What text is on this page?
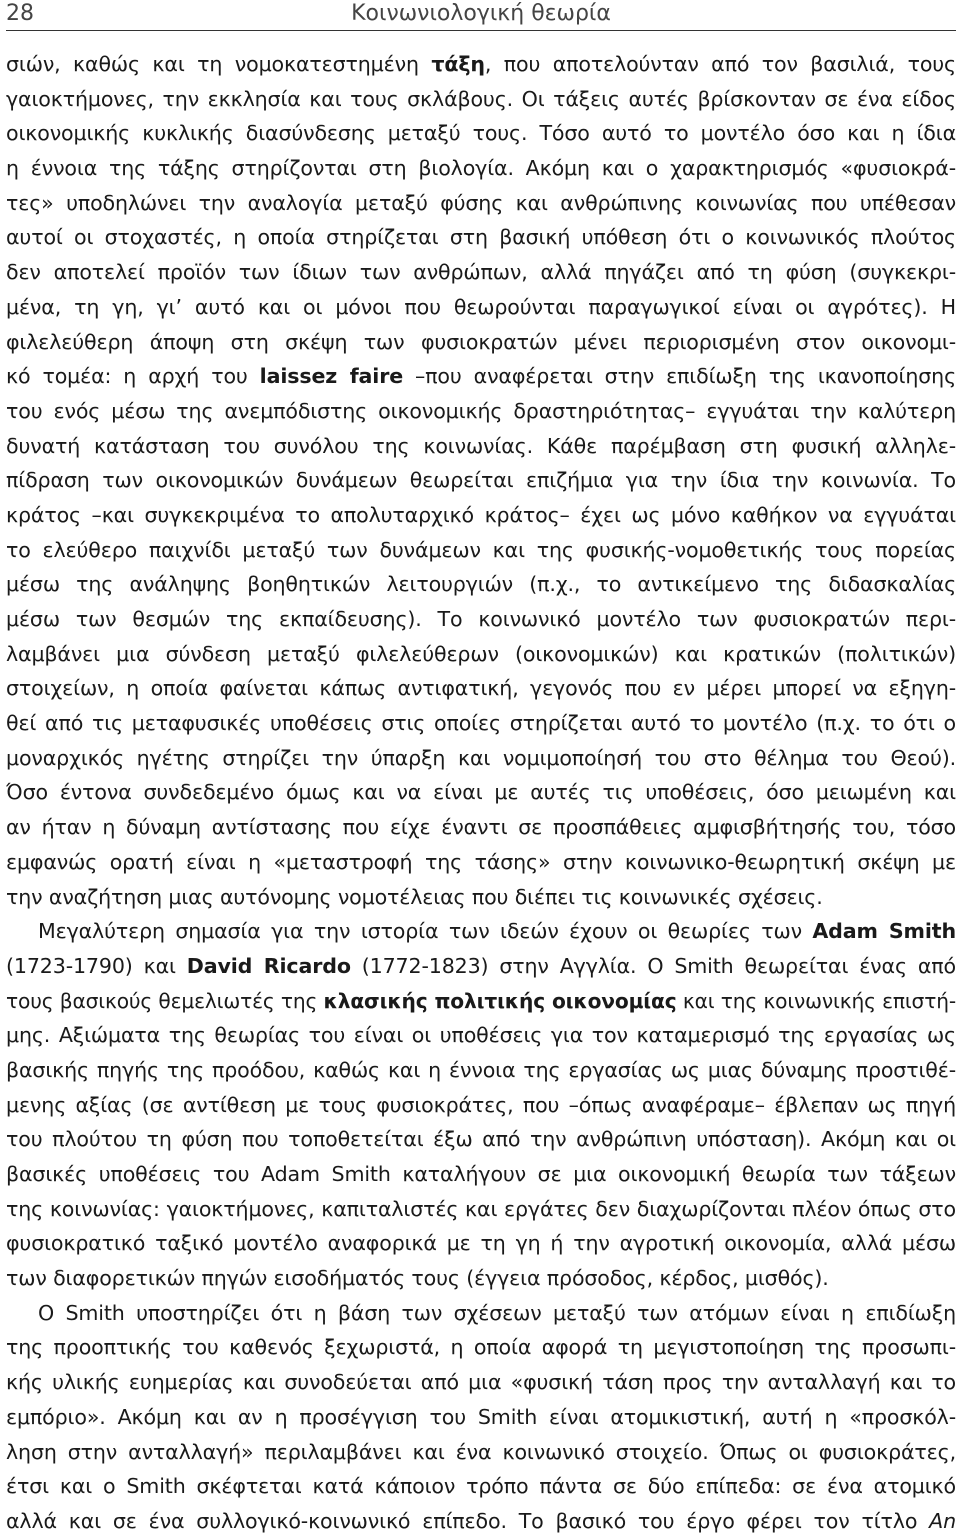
28	Κοινωνιολογική θεωρία
σιών, καθώς και τη νομοκατεστημένη τάξη, που αποτελούνταν από τον βασιλιά, τους
γαιοκτήμονες, την εκκλησία και τους σκλάβους. Οι τάξεις αυτές βρίσκονταν σε ένα είδος
οικονομικής κυκλικής διασύνδεσης μεταξύ τους. Τόσο αυτό το μοντέλο όσο και η ίδια
η έννοια της τάξης στηρίζονται στη βιολογία. Ακόμη και ο χαρακτηρισμός «φυσιοκρά-
τες» υποδηλώνει την αναλογία μεταξύ φύσης και ανθρώπινης κοινωνίας που υπέθεσαν
αυτοί οι στοχαστές, η οποία στηρίζεται στη βασική υπόθεση ότι ο κοινωνικός πλούτος
δεν αποτελεί προϊόν των ίδιων των ανθρώπων, αλλά πηγάζει από τη φύση (συγκεκρι-
μένα, τη γη, γι’ αυτό και οι μόνοι που θεωρούνται παραγωγικοί είναι οι αγρότες). Η
φιλελεύθερη άποψη στη σκέψη των φυσιοκρατών μένει περιορισμένη στον οικονομι-
κό τομέα: η αρχή του laissez faire –που αναφέρεται στην επιδίωξη της ικανοποίησης
του ενός μέσω της ανεμπόδιστης οικονομικής δραστηριότητας– εγγυάται την καλύτερη
δυνατή κατάσταση του συνόλου της κοινωνίας. Κάθε παρέμβαση στη φυσική αλληλε-
πίδραση των οικονομικών δυνάμεων θεωρείται επιζήμια για την ίδια την κοινωνία. Το
κράτος –και συγκεκριμένα το απολυταρχικό κράτος– έχει ως μόνο καθήκον να εγγυάται
το ελεύθερο παιχνίδι μεταξύ των δυνάμεων και της φυσικής-νομοθετικής τους πορείας
μέσω της ανάληψης βοηθητικών λειτουργιών (π.χ., το αντικείμενο της διδασκαλίας
μέσω των θεσμών της εκπαίδευσης). Το κοινωνικό μοντέλο των φυσιοκρατών περι-
λαμβάνει μια σύνδεση μεταξύ φιλελεύθερων (οικονομικών) και κρατικών (πολιτικών)
στοιχείων, η οποία φαίνεται κάπως αντιφατική, γεγονός που εν μέρει μπορεί να εξηγη-
θεί από τις μεταφυσικές υποθέσεις στις οποίες στηρίζεται αυτό το μοντέλο (π.χ. το ότι ο
μοναρχικός ηγέτης στηρίζει την ύπαρξη και νομιμοποίησή του στο θέλημα του Θεού).
Όσο έντονα συνδεδεμένο όμως και να είναι με αυτές τις υποθέσεις, όσο μειωμένη και
αν ήταν η δύναμη αντίστασης που είχε έναντι σε προσπάθειες αμφισβήτησής του, τόσο
εμφανώς ορατή είναι η «μεταστροφή της τάσης» στην κοινωνικο-θεωρητική σκέψη με
την αναζήτηση μιας αυτόνομης νομοτέλειας που διέπει τις κοινωνικές σχέσεις.
Μεγαλύτερη σημασία για την ιστορία των ιδεών έχουν οι θεωρίες των Adam Smith
(1723-1790) και David Ricardo (1772-1823) στην Αγγλία. Ο Smith θεωρείται ένας από
τους βασικούς θεμελιωτές της κλασικής πολιτικής οικονομίας και της κοινωνικής επιστή-
μης. Αξιώματα της θεωρίας του είναι οι υποθέσεις για τον καταμερισμό της εργασίας ως
βασικής πηγής της προόδου, καθώς και η έννοια της εργασίας ως μιας δύναμης προστιθέ-
μενης αξίας (σε αντίθεση με τους φυσιοκράτες, που –όπως αναφέραμε– έβλεπαν ως πηγή
του πλούτου τη φύση που τοποθετείται έξω από την ανθρώπινη υπόσταση). Ακόμη και οι
βασικές υποθέσεις του Adam Smith καταλήγουν σε μια οικονομική θεωρία των τάξεων
της κοινωνίας: γαιοκτήμονες, καπιταλιστές και εργάτες δεν διαχωρίζονται πλέον όπως στο
φυσιοκρατικό ταξικό μοντέλο αναφορικά με τη γη ή την αγροτική οικονομία, αλλά μέσω
των διαφορετικών πηγών εισοδήματός τους (έγγεια πρόσοδος, κέρδος, μισθός).
Ο Smith υποστηρίζει ότι η βάση των σχέσεων μεταξύ των ατόμων είναι η επιδίωξη
της προοπτικής του καθενός ξεχωριστά, η οποία αφορά τη μεγιστοποίηση της προσωπι-
κής υλικής ευημερίας και συνοδεύεται από μια «φυσική τάση προς την ανταλλαγή και το
εμπόριο». Ακόμη και αν η προσέγγιση του Smith είναι ατομικιστική, αυτή η «προσκόλ-
ληση στην ανταλλαγή» περιλαμβάνει και ένα κοινωνικό στοιχείο. Όπως οι φυσιοκράτες,
έτσι και ο Smith σκέφτεται κατά κάποιον τρόπο πάντα σε δύο επίπεδα: σε ένα ατομικό
αλλά και σε ένα συλλογικό-κοινωνικό επίπεδο. Το βασικό του έργο φέρει τον τίτλο An
